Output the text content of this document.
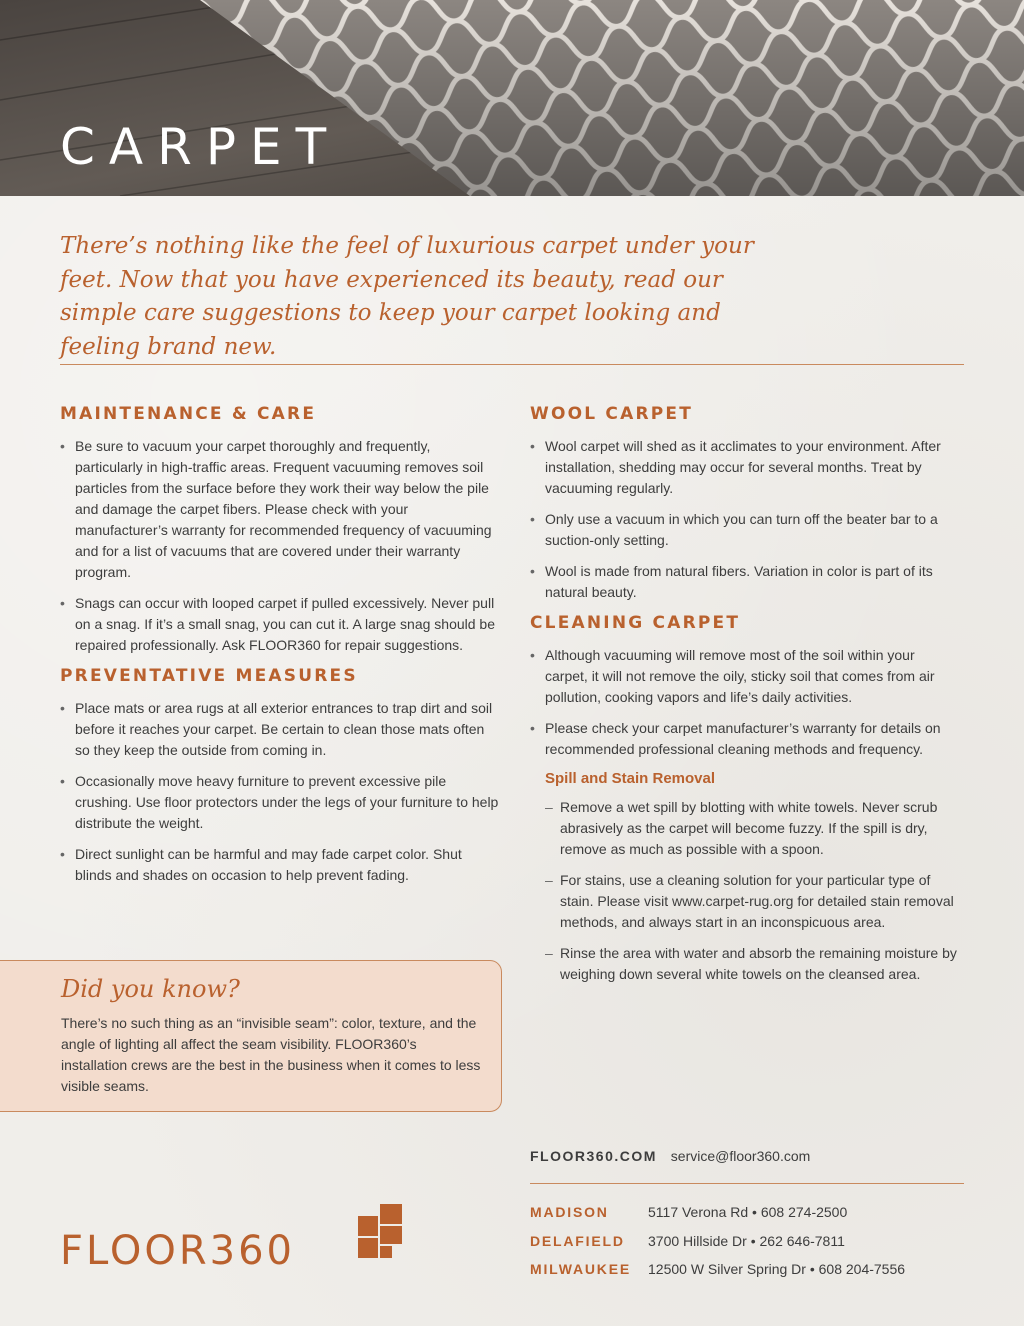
CARPET
There’s nothing like the feel of luxurious carpet under your feet. Now that you have experienced its beauty, read our simple care suggestions to keep your carpet looking and feeling brand new.
MAINTENANCE & CARE
• Be sure to vacuum your carpet thoroughly and frequently, particularly in high-traffic areas. Frequent vacuuming removes soil particles from the surface before they work their way below the pile and damage the carpet fibers. Please check with your manufacturer’s warranty for recommended frequency of vacuuming and for a list of vacuums that are covered under their warranty program.
• Snags can occur with looped carpet if pulled excessively. Never pull on a snag. If it’s a small snag, you can cut it. A large snag should be repaired professionally. Ask FLOOR360 for repair suggestions.
PREVENTATIVE MEASURES
• Place mats or area rugs at all exterior entrances to trap dirt and soil before it reaches your carpet. Be certain to clean those mats often so they keep the outside from coming in.
• Occasionally move heavy furniture to prevent excessive pile crushing. Use floor protectors under the legs of your furniture to help distribute the weight.
• Direct sunlight can be harmful and may fade carpet color. Shut blinds and shades on occasion to help prevent fading.
WOOL CARPET
• Wool carpet will shed as it acclimates to your environment. After installation, shedding may occur for several months. Treat by vacuuming regularly.
• Only use a vacuum in which you can turn off the beater bar to a suction-only setting.
• Wool is made from natural fibers. Variation in color is part of its natural beauty.
CLEANING CARPET
• Although vacuuming will remove most of the soil within your carpet, it will not remove the oily, sticky soil that comes from air pollution, cooking vapors and life’s daily activities.
• Please check your carpet manufacturer’s warranty for details on recommended professional cleaning methods and frequency.
Spill and Stain Removal
– Remove a wet spill by blotting with white towels. Never scrub abrasively as the carpet will become fuzzy. If the spill is dry, remove as much as possible with a spoon.
– For stains, use a cleaning solution for your particular type of stain. Please visit www.carpet-rug.org for detailed stain removal methods, and always start in an inconspicuous area.
– Rinse the area with water and absorb the remaining moisture by weighing down several white towels on the cleansed area.
Did you know?

There’s no such thing as an “invisible seam”: color, texture, and the angle of lighting all affect the seam visibility. FLOOR360’s installation crews are the best in the business when it comes to less visible seams.

FLOOR360
FLOOR360.COM service@floor360.com
MADISON	5117 Verona Rd • 608 274-2500
DELAFIELD	3700 Hillside Dr • 262 646-7811
MILWAUKEE	12500 W Silver Spring Dr • 608 204-7556
